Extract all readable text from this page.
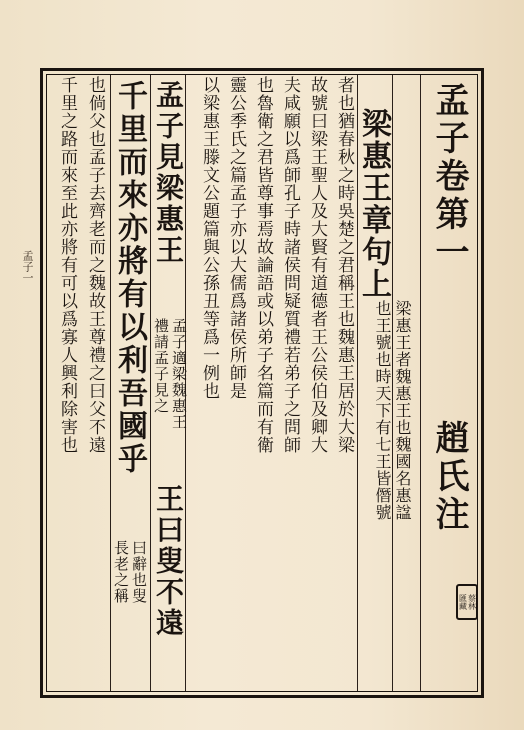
孟子一	孟子卷第一
趙氏注
蔡林
匯藏
梁惠王章句上
梁惠王者魏惠王也魏國名惠諡
也王號也時天下有七王皆僭號
者也猶春秋之時吳楚之君稱王也魏惠王居於大梁
故號曰梁王聖人及大賢有道德者王公侯伯及卿大
夫咸願以爲師孔子時諸侯問疑質禮若弟子之問師
也魯衛之君皆尊事焉故論語或以弟子名篇而有衛
靈公季氏之篇孟子亦以大儒爲諸侯所師是
以梁惠王滕文公題篇與公孫丑等爲一例也
孟子見梁惠王
孟子適梁魏惠王
禮請孟子見之
王曰叟不遠
千里而來亦將有以利吾國乎
曰辭也叟
長老之稱
也倘父也孟子去齊老而之魏故王尊禮之曰父不遠
千里之路而來至此亦將有可以爲寡人興利除害也
